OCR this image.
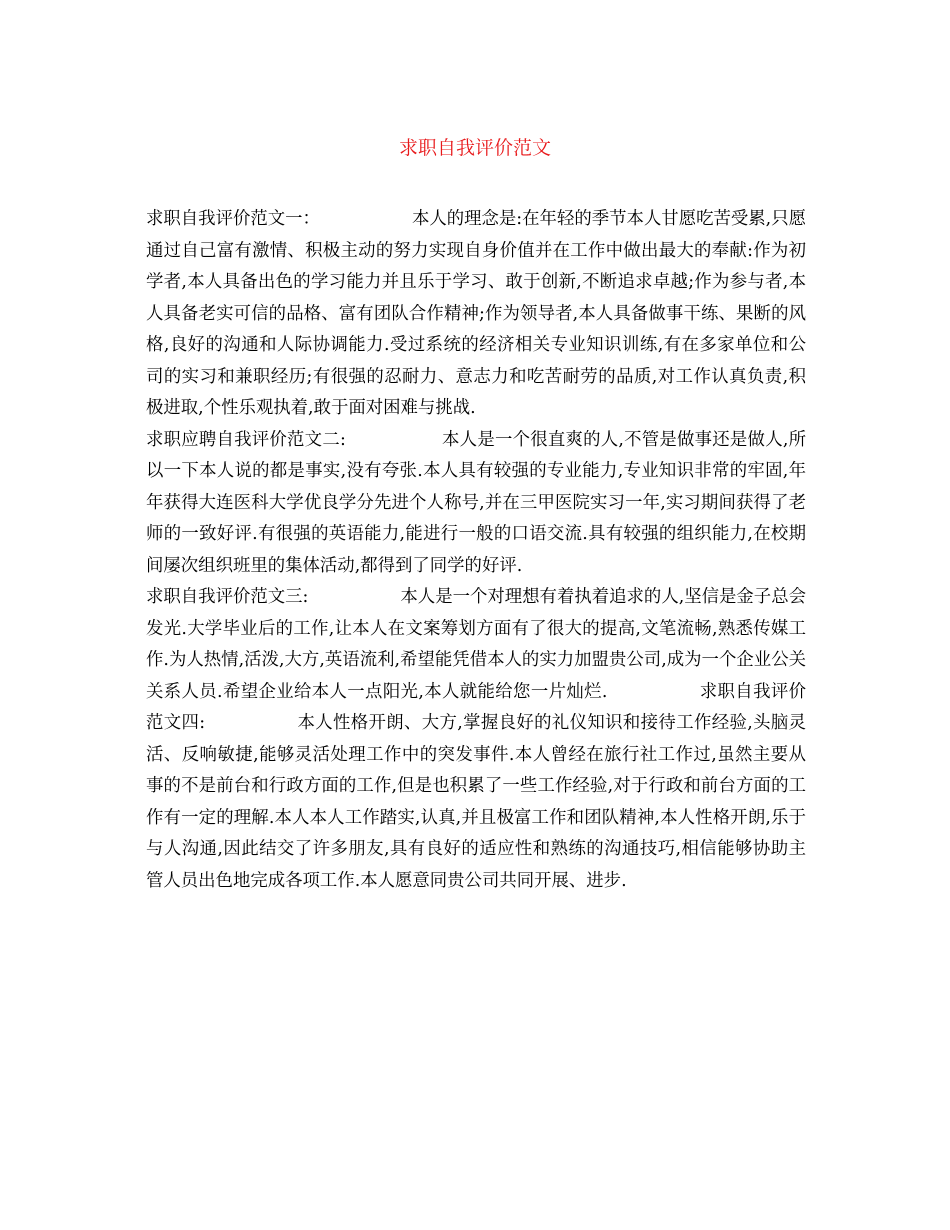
求职自我评价范文

求职自我评价范文一：	本人的理念是:在年轻的季节本人甘愿吃苦受累,只愿通过自己富有激情、积极主动的努力实现自身价值并在工作中做出最大的奉献:作为初学者,本人具备出色的学习能力并且乐于学习、敢于创新,不断追求卓越;作为参与者,本人具备老实可信的品格、富有团队合作精神;作为领导者,本人具备做事干练、果断的风格,良好的沟通和人际协调能力.受过系统的经济相关专业知识训练,有在多家单位和公司的实习和兼职经历;有很强的忍耐力、意志力和吃苦耐劳的品质,对工作认真负责,积极进取,个性乐观执着,敢于面对困难与挑战.

求职应聘自我评价范文二:	本人是一个很直爽的人,不管是做事还是做人,所以一下本人说的都是事实,没有夸张.本人具有较强的专业能力,专业知识非常的牢固,年年获得大连医科大学优良学分先进个人称号,并在三甲医院实习一年,实习期间获得了老师的一致好评.有很强的英语能力,能进行一般的口语交流.具有较强的组织能力,在校期间屡次组织班里的集体活动,都得到了同学的好评.

求职自我评价范文三:	本人是一个对理想有着执着追求的人,坚信是金子总会发光.大学毕业后的工作,让本人在文案筹划方面有了很大的提高,文笔流畅,熟悉传媒工作.为人热情,活泼,大方,英语流利,希望能凭借本人的实力加盟贵公司,成为一个企业公关关系人员.希望企业给本人一点阳光,本人就能给您一片灿烂.	求职自我评价范文四:	本人性格开朗、大方,掌握良好的礼仪知识和接待工作经验,头脑灵活、反响敏捷,能够灵活处理工作中的突发事件.本人曾经在旅行社工作过,虽然主要从事的不是前台和行政方面的工作,但是也积累了一些工作经验,对于行政和前台方面的工作有一定的理解.本人本人工作踏实,认真,并且极富工作和团队精神,本人性格开朗,乐于与人沟通,因此结交了许多朋友,具有良好的适应性和熟练的沟通技巧,相信能够协助主管人员出色地完成各项工作.本人愿意同贵公司共同开展、进步.
